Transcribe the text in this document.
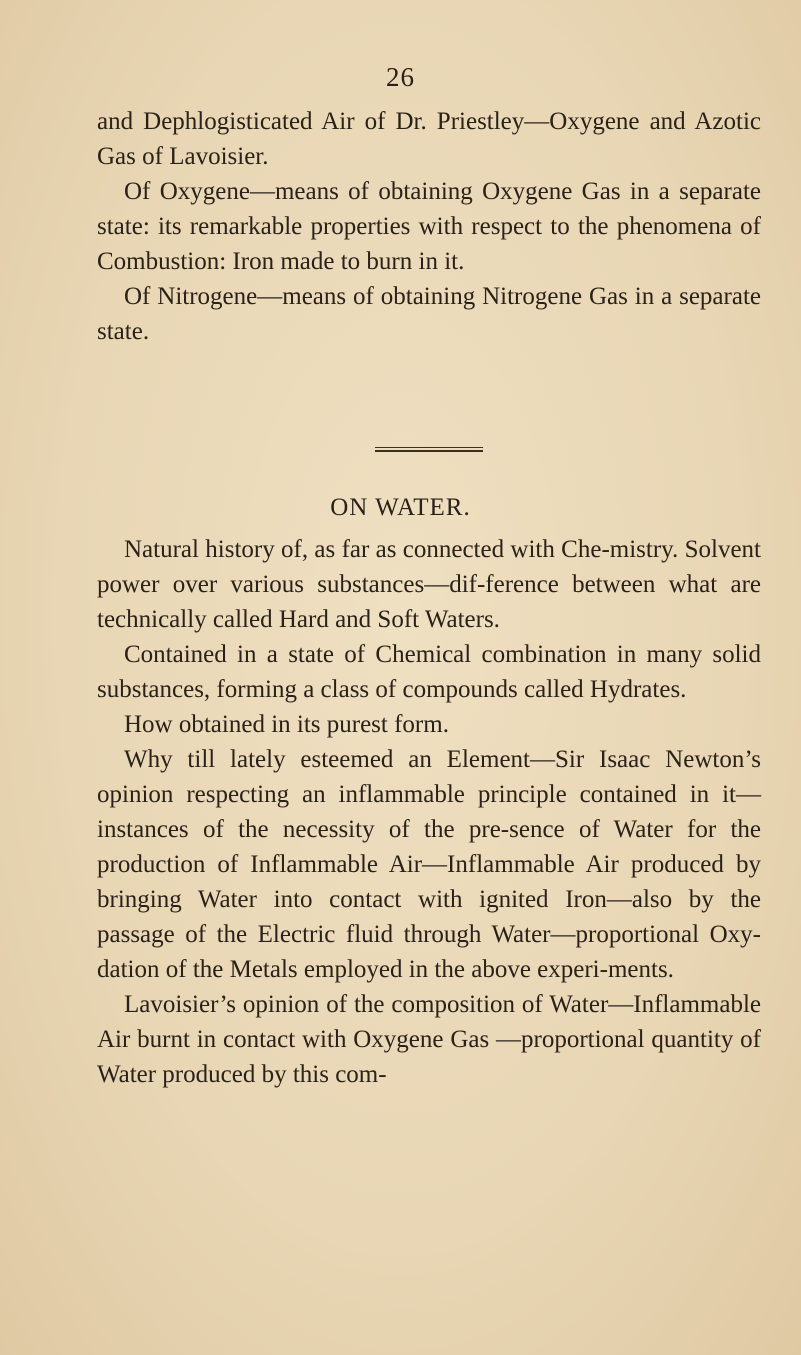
26

and Dephlogisticated Air of Dr. Priestley—Oxygene and Azotic Gas of Lavoisier.

Of Oxygene—means of obtaining Oxygene Gas in a separate state: its remarkable properties with respect to the phenomena of Combustion: Iron made to burn in it.

Of Nitrogene—means of obtaining Nitrogene Gas in a separate state.

ON WATER.

Natural history of, as far as connected with Che-mistry. Solvent power over various substances—dif-ference between what are technically called Hard and Soft Waters.

Contained in a state of Chemical combination in many solid substances, forming a class of compounds called Hydrates.

How obtained in its purest form.

Why till lately esteemed an Element—Sir Isaac Newton’s opinion respecting an inflammable principle contained in it—instances of the necessity of the pre-sence of Water for the production of Inflammable Air—Inflammable Air produced by bringing Water into contact with ignited Iron—also by the passage of the Electric fluid through Water—proportional Oxy-dation of the Metals employed in the above experi-ments.

Lavoisier’s opinion of the composition of Water—Inflammable Air burnt in contact with Oxygene Gas —proportional quantity of Water produced by this com-
